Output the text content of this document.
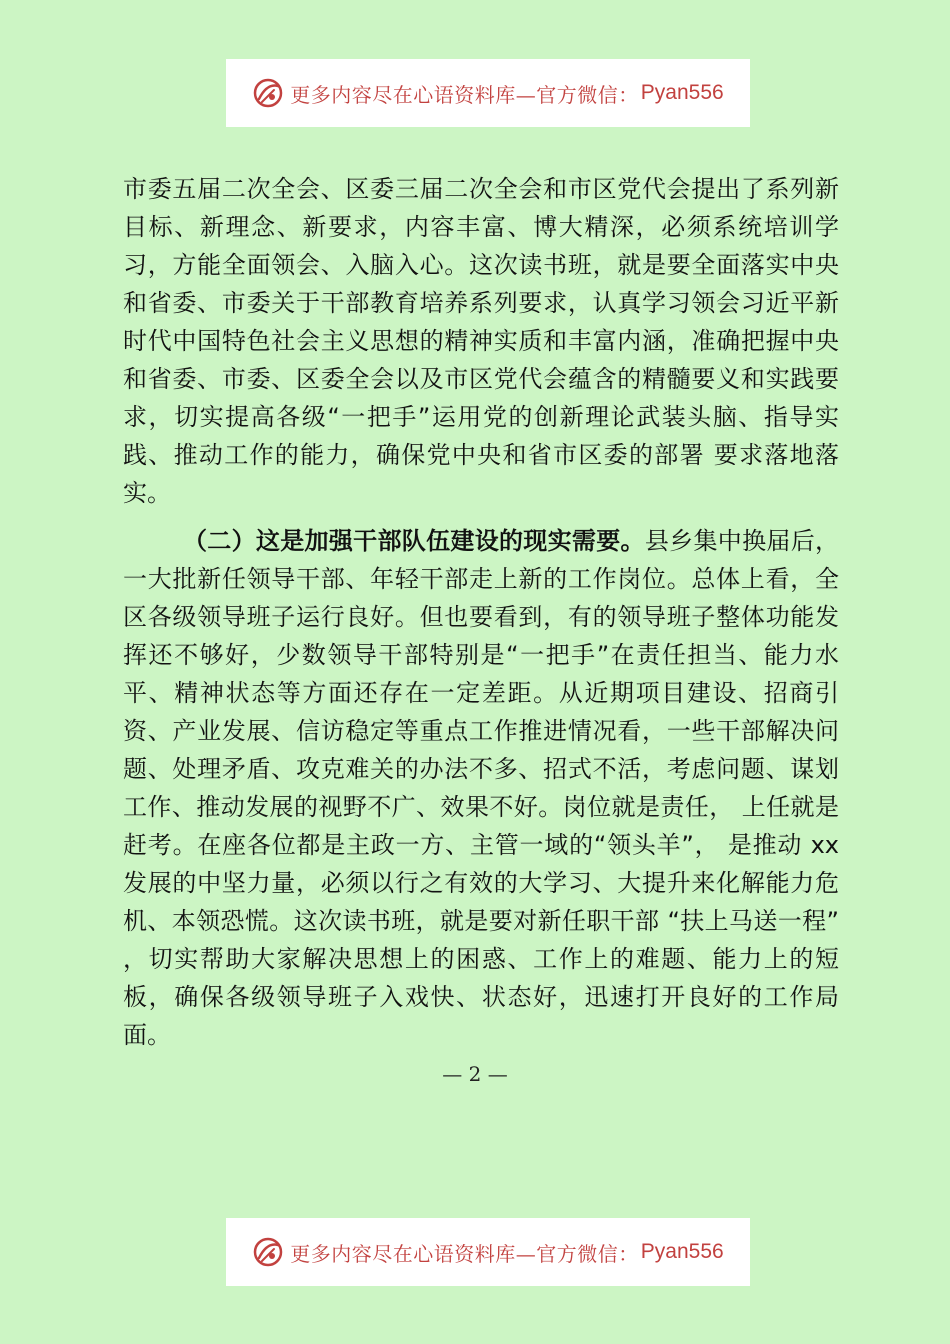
更多内容尽在心语资料库—官方微信： Pyan556

市委五届二次全会、区委三届二次全会和市区党代会提出了系列新目标、新理念、新要求，内容丰富、博大精深，必须系统培训学习，方能全面领会、入脑入心。这次读书班，就是要全面落实中央和省委、市委关于干部教育培养系列要求，认真学习领会习近平新时代中国特色社会主义思想的精神实质和丰富内涵，准确把握中央和省委、市委、区委全会以及市区党代会蕴含的精髓要义和实践要求，切实提高各级“一把手”运用党的创新理论武装头脑、指导实践、推动工作的能力，确保党中央和省市区委的部署 要求落地落实。

（二）这是加强干部队伍建设的现实需要。县乡集中换届后，一大批新任领导干部、年轻干部走上新的工作岗位。总体上看，全区各级领导班子运行良好。但也要看到，有的领导班子整体功能发挥还不够好，少数领导干部特别是“一把手”在责任担当、能力水平、精神状态等方面还存在一定差距。从近期项目建设、招商引资、产业发展、信访稳定等重点工作推进情况看，一些干部解决问题、处理矛盾、攻克难关的办法不多、招式不活，考虑问题、谋划工作、推动发展的视野不广、效果不好。岗位就是责任， 上任就是赶考。在座各位都是主政一方、主管一域的“领头羊”， 是推动 xx 发展的中坚力量，必须以行之有效的大学习、大提升来化解能力危机、本领恐慌。这次读书班，就是要对新任职干部 “扶上马送一程” ，切实帮助大家解决思想上的困惑、工作上的难题、能力上的短板，确保各级领导班子入戏快、状态好，迅速打开良好的工作局面。

— 2 —
更多内容尽在心语资料库—官方微信： Pyan556
